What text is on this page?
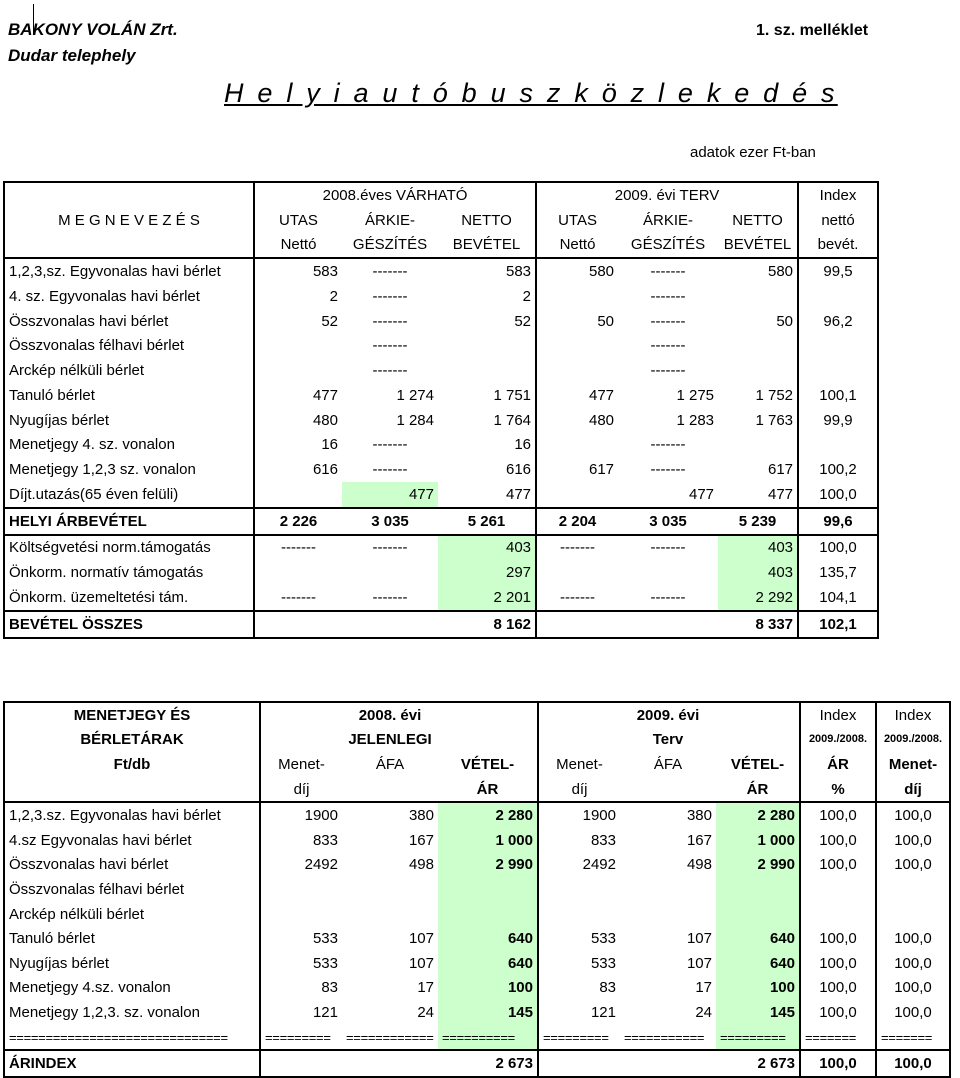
BAKONY VOLÁN Zrt.
Dudar telephely
1. sz. melléklet
H e l y i a u t ó b u s z k ö z l e k e d é s
adatok ezer Ft-ban
	2008.éves VÁRHATÓ			2009. évi TERV			Index
M E G N E V E Z É S	UTAS	ÁRKIE-	NETTO	UTAS	ÁRKIE-	NETTO	nettó
	Nettó	GÉSZÍTÉS	BEVÉTEL	Nettó	GÉSZÍTÉS	BEVÉTEL	bevét.
1,2,3,sz. Egyvonalas havi bérlet	583	-------	583	580	-------	580	99,5
4. sz. Egyvonalas havi bérlet	2	-------	2		-------		
Összvonalas havi bérlet	52	-------	52	50	-------	50	96,2
Összvonalas félhavi bérlet		-------			-------		
Arckép nélküli bérlet		-------			-------		
Tanuló bérlet	477	1 274	1 751	477	1 275	1 752	100,1
Nyugíjas bérlet	480	1 284	1 764	480	1 283	1 763	99,9
Menetjegy 4. sz. vonalon	16	-------	16		-------		
Menetjegy 1,2,3 sz. vonalon	616	-------	616	617	-------	617	100,2
Díjt.utazás(65 éven felüli)		477	477		477	477	100,0
HELYI ÁRBEVÉTEL	2 226	3 035	5 261	2 204	3 035	5 239	99,6
Költségvetési norm.támogatás	-------	-------	403	-------	-------	403	100,0
Önkorm. normatív támogatás			297			403	135,7
Önkorm. üzemeltetési tám.	-------	-------	2 201	-------	-------	2 292	104,1
BEVÉTEL ÖSSZES			8 162			8 337	102,1
MENETJEGY ÉS		2008. évi			2009. évi		Index	Index
BÉRLETÁRAK		JELENLEGI			Terv		2009./2008.	2009./2008.
Ft/db	Menet-	ÁFA	VÉTEL-	Menet-	ÁFA	VÉTEL-	ÁR	Menet-
	díj		ÁR	díj		ÁR	%	díj
1,2,3.sz. Egyvonalas havi bérlet	1900	380	2 280	1900	380	2 280	100,0	100,0
4.sz Egyvonalas havi bérlet	833	167	1 000	833	167	1 000	100,0	100,0
Összvonalas havi bérlet	2492	498	2 990	2492	498	2 990	100,0	100,0
Összvonalas félhavi bérlet								
Arckép nélküli bérlet								
Tanuló bérlet	533	107	640	533	107	640	100,0	100,0
Nyugíjas bérlet	533	107	640	533	107	640	100,0	100,0
Menetjegy 4.sz. vonalon	83	17	100	83	17	100	100,0	100,0
Menetjegy 1,2,3. sz. vonalon	121	24	145	121	24	145	100,0	100,0
==============================	=========	============	==========	=========	===========	=========	=======	=======
ÁRINDEX			2 673			2 673	100,0	100,0
